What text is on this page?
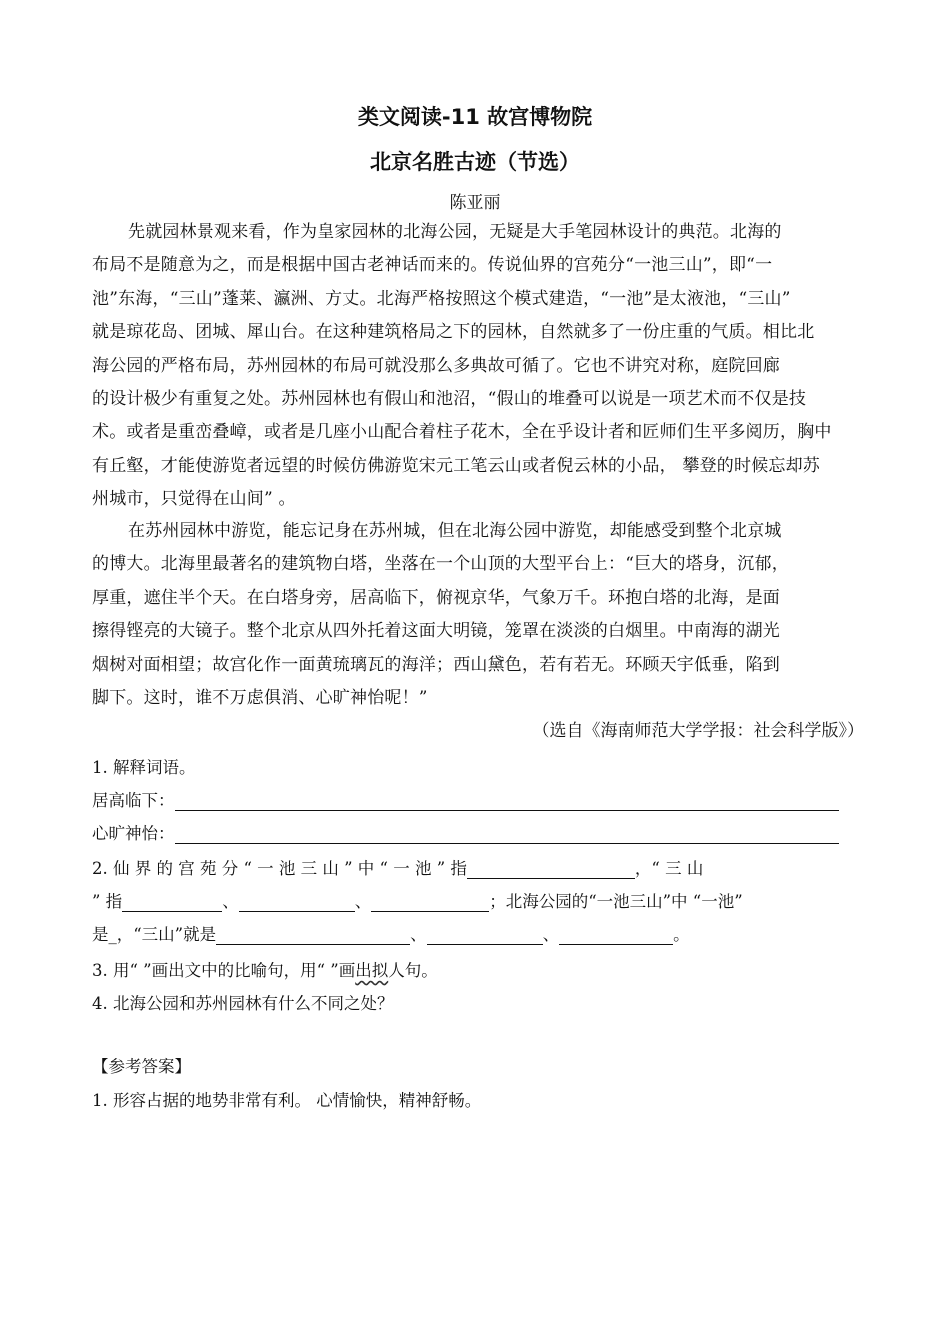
类文阅读-11 故宫博物院
北京名胜古迹（节选）
陈亚丽
先就园林景观来看，作为皇家园林的北海公园，无疑是大手笔园林设计的典范。北海的
布局不是随意为之，而是根据中国古老神话而来的。传说仙界的宫苑分“一池三山”，即“一
池”东海，“三山”蓬莱、瀛洲、方丈。北海严格按照这个模式建造，“一池”是太液池，“三山”
就是琼花岛、团城、犀山台。在这种建筑格局之下的园林，自然就多了一份庄重的气质。相比北
海公园的严格布局，苏州园林的布局可就没那么多典故可循了。它也不讲究对称，庭院回廊
的设计极少有重复之处。苏州园林也有假山和池沼，“假山的堆叠可以说是一项艺术而不仅是技
术。或者是重峦叠嶂，或者是几座小山配合着柱子花木，全在乎设计者和匠师们生平多阅历，胸中
有丘壑，才能使游览者远望的时候仿佛游览宋元工笔云山或者倪云林的小品， 攀登的时候忘却苏
州城市，只觉得在山间” 。
在苏州园林中游览，能忘记身在苏州城，但在北海公园中游览，却能感受到整个北京城
的博大。北海里最著名的建筑物白塔，坐落在一个山顶的大型平台上：“巨大的塔身，沉郁，
厚重，遮住半个天。在白塔身旁，居高临下，俯视京华，气象万千。环抱白塔的北海，是面
擦得铿亮的大镜子。整个北京从四外托着这面大明镜，笼罩在淡淡的白烟里。中南海的湖光
烟树对面相望；故宫化作一面黄琉璃瓦的海洋；西山黛色，若有若无。环顾天宇低垂，陷到
脚下。这时，谁不万虑俱消、心旷神怡呢！”
（选自《海南师范大学学报：社会科学版》）
1. 解释词语。
居高临下：
心旷神怡：
2. 仙 界 的 宫 苑 分 “ 一 池 三 山 ” 中 “ 一 池 ” 指	，“ 三 山
” 指	、	、	；北海公园的“一池三山”中 “一池”
是_，“三山”就是	、	、	。
3. 用“ ”画出文中的比喻句，用“ ”画出拟人句。
4. 北海公园和苏州园林有什么不同之处？
【参考答案】
1. 形容占据的地势非常有利。 心情愉快，精神舒畅。
